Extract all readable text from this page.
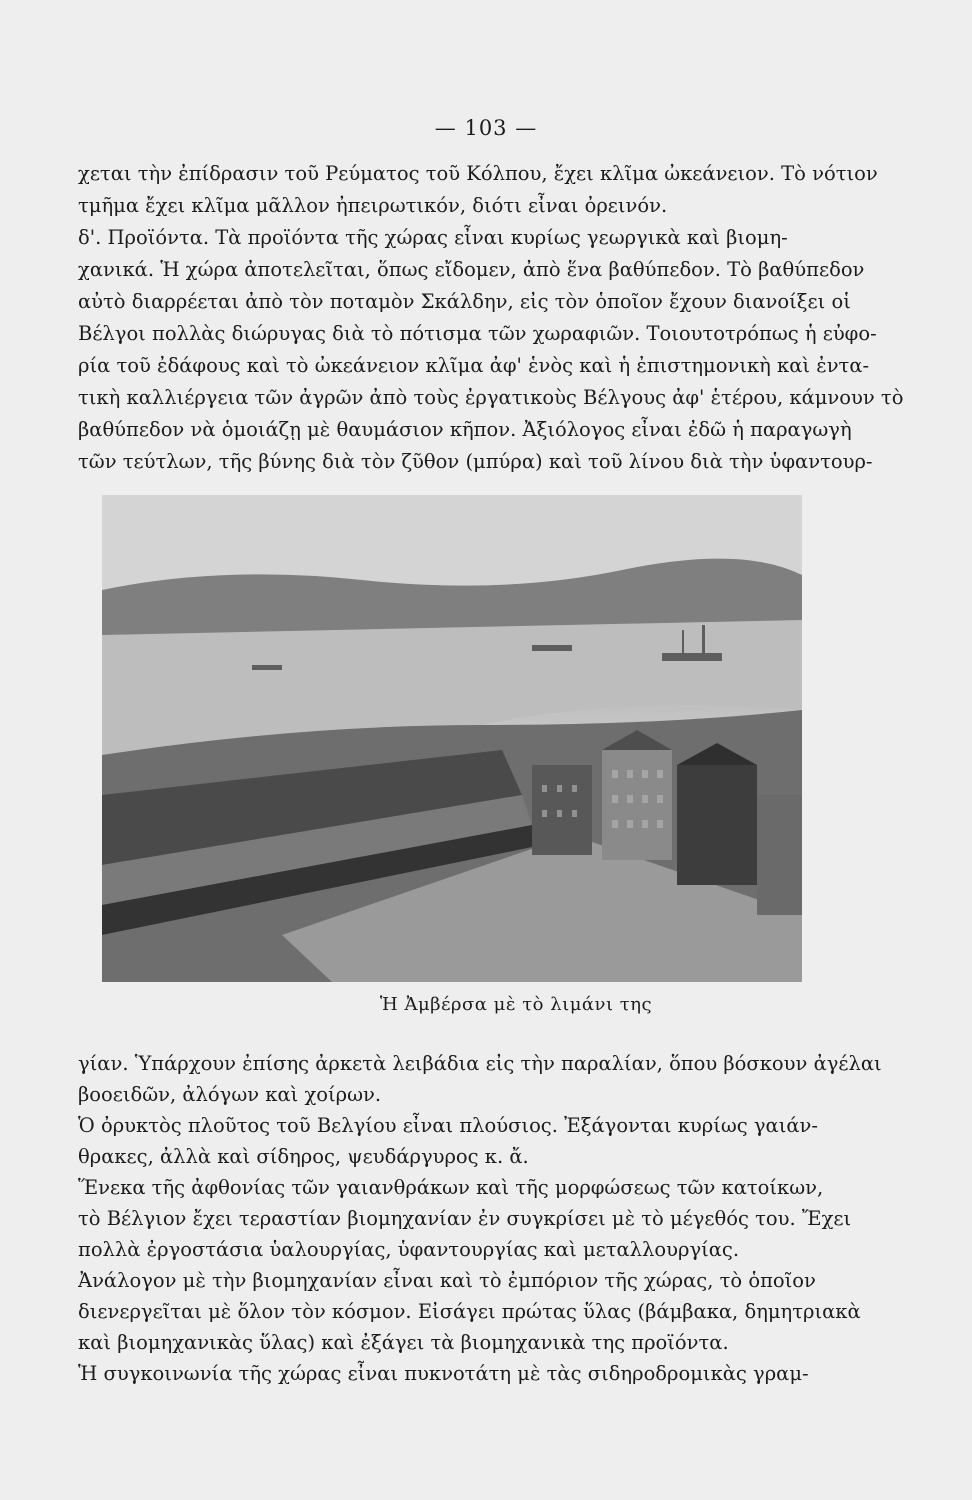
— 103 —
χεται τὴν ἐπίδρασιν τοῦ Ρεύματος τοῦ Κόλπου, ἔχει κλῖμα ὠκεάνειον. Τὸ νότιον
τμῆμα ἔχει κλῖμα μᾶλλον ἠπειρωτικόν, διότι εἶναι ὀρεινόν.
δ'. Προϊόντα. Τὰ προϊόντα τῆς χώρας εἶναι κυρίως γεωργικὰ καὶ βιομη-
χανικά. Ἡ χώρα ἀποτελεῖται, ὅπως εἴδομεν, ἀπὸ ἕνα βαθύπεδον. Τὸ βαθύπεδον
αὐτὸ διαρρέεται ἀπὸ τὸν ποταμὸν Σκάλδην, εἰς τὸν ὁποῖον ἔχουν διανοίξει οἱ
Βέλγοι πολλὰς διώρυγας διὰ τὸ πότισμα τῶν χωραφιῶν. Τοιουτοτρόπως ἡ εὐφο-
ρία τοῦ ἐδάφους καὶ τὸ ὠκεάνειον κλῖμα ἀφ' ἑνὸς καὶ ἡ ἐπιστημονικὴ καὶ ἐντα-
τικὴ καλλιέργεια τῶν ἀγρῶν ἀπὸ τοὺς ἐργατικοὺς Βέλγους ἀφ' ἑτέρου, κάμνουν τὸ
βαθύπεδον νὰ ὁμοιάζῃ μὲ θαυμάσιον κῆπον. Ἀξιόλογος εἶναι ἐδῶ ἡ παραγωγὴ
τῶν τεύτλων, τῆς βύνης διὰ τὸν ζῦθον (μπύρα) καὶ τοῦ λίνου διὰ τὴν ὑφαντουρ-
Ἡ Ἀμβέρσα μὲ τὸ λιμάνι της
γίαν. Ὑπάρχουν ἐπίσης ἀρκετὰ λειβάδια εἰς τὴν παραλίαν, ὅπου βόσκουν ἀγέλαι
βοοειδῶν, ἀλόγων καὶ χοίρων.
Ὁ ὀρυκτὸς πλοῦτος τοῦ Βελγίου εἶναι πλούσιος. Ἐξάγονται κυρίως γαιάν-
θρακες, ἀλλὰ καὶ σίδηρος, ψευδάργυρος κ. ἄ.
Ἕνεκα τῆς ἀφθονίας τῶν γαιανθράκων καὶ τῆς μορφώσεως τῶν κατοίκων,
τὸ Βέλγιον ἔχει τεραστίαν βιομηχανίαν ἐν συγκρίσει μὲ τὸ μέγεθός του. Ἔχει
πολλὰ ἐργοστάσια ὑαλουργίας, ὑφαντουργίας καὶ μεταλλουργίας.
Ἀνάλογον μὲ τὴν βιομηχανίαν εἶναι καὶ τὸ ἐμπόριον τῆς χώρας, τὸ ὁποῖον
διενεργεῖται μὲ ὅλον τὸν κόσμον. Εἰσάγει πρώτας ὕλας (βάμβακα, δημητριακὰ
καὶ βιομηχανικὰς ὕλας) καὶ ἐξάγει τὰ βιομηχανικὰ της προϊόντα.
Ἡ συγκοινωνία τῆς χώρας εἶναι πυκνοτάτη μὲ τὰς σιδηροδρομικὰς γραμ-
